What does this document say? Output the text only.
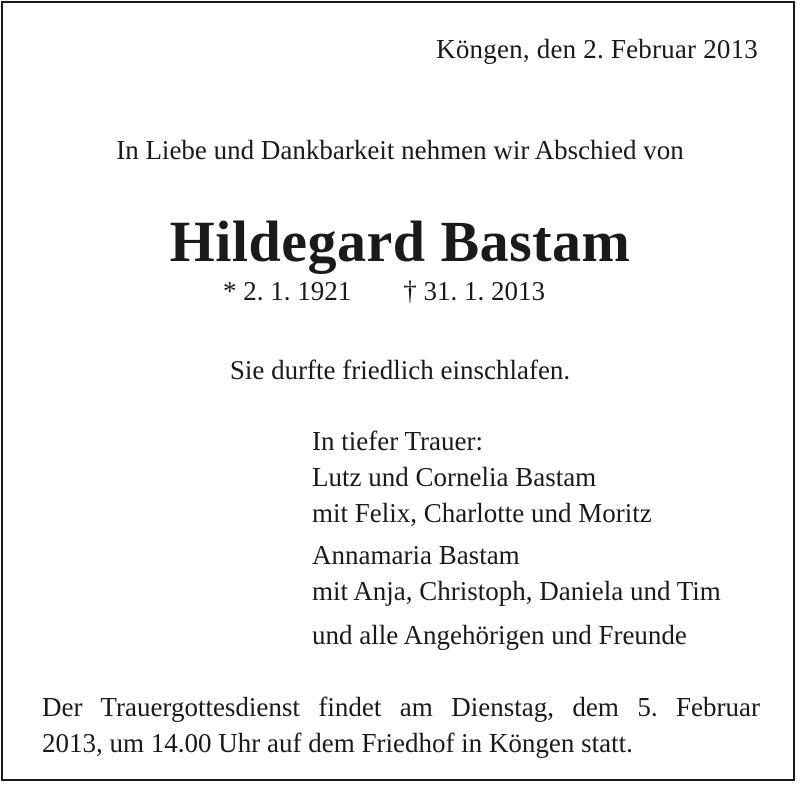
Köngen, den 2. Februar 2013
In Liebe und Dankbarkeit nehmen wir Abschied von
Hildegard Bastam
* 2. 1. 1921 † 31. 1. 2013
Sie durfte friedlich einschlafen.
In tiefer Trauer:
Lutz und Cornelia Bastam
mit Felix, Charlotte und Moritz
Annamaria Bastam
mit Anja, Christoph, Daniela und Tim
und alle Angehörigen und Freunde
Der Trauergottesdienst findet am Dienstag, dem 5. Februar
2013, um 14.00 Uhr auf dem Friedhof in Köngen statt.
